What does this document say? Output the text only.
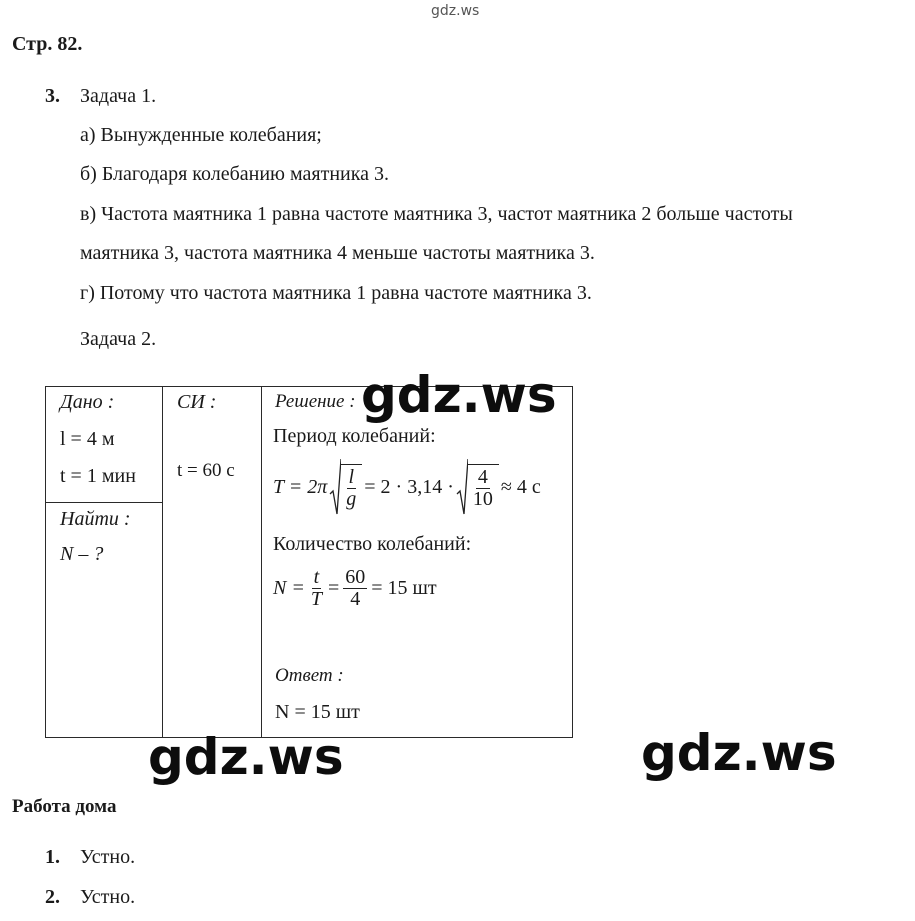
gdz.ws
Стр. 82.
3. Задача 1.
а) Вынужденные колебания;
б) Благодаря колебанию маятника 3.
в) Частота маятника 1 равна частоте маятника 3, частот маятника 2 больше частоты
маятника 3, частота маятника 4 меньше частоты маятника 3.
г) Потому что частота маятника 1 равна частоте маятника 3.
Задача 2.
Дано :
l = 4 м
t = 1 мин
Найти :
N – ?
СИ :
t = 60 с
Решение :
Период колебаний:
$T = 2\pi \frac{l}{g} = 2 \cdot 3,14 \cdot \frac{4}{10} \approx 4$ с
Количество колебаний:
$N = \frac{t}{T} = \frac{60}{4} = 15$ шт
Ответ :
N = 15 шт
gdz.ws
gdz.ws	gdz.ws
Работа дома
1. Устно.
2. Устно.
